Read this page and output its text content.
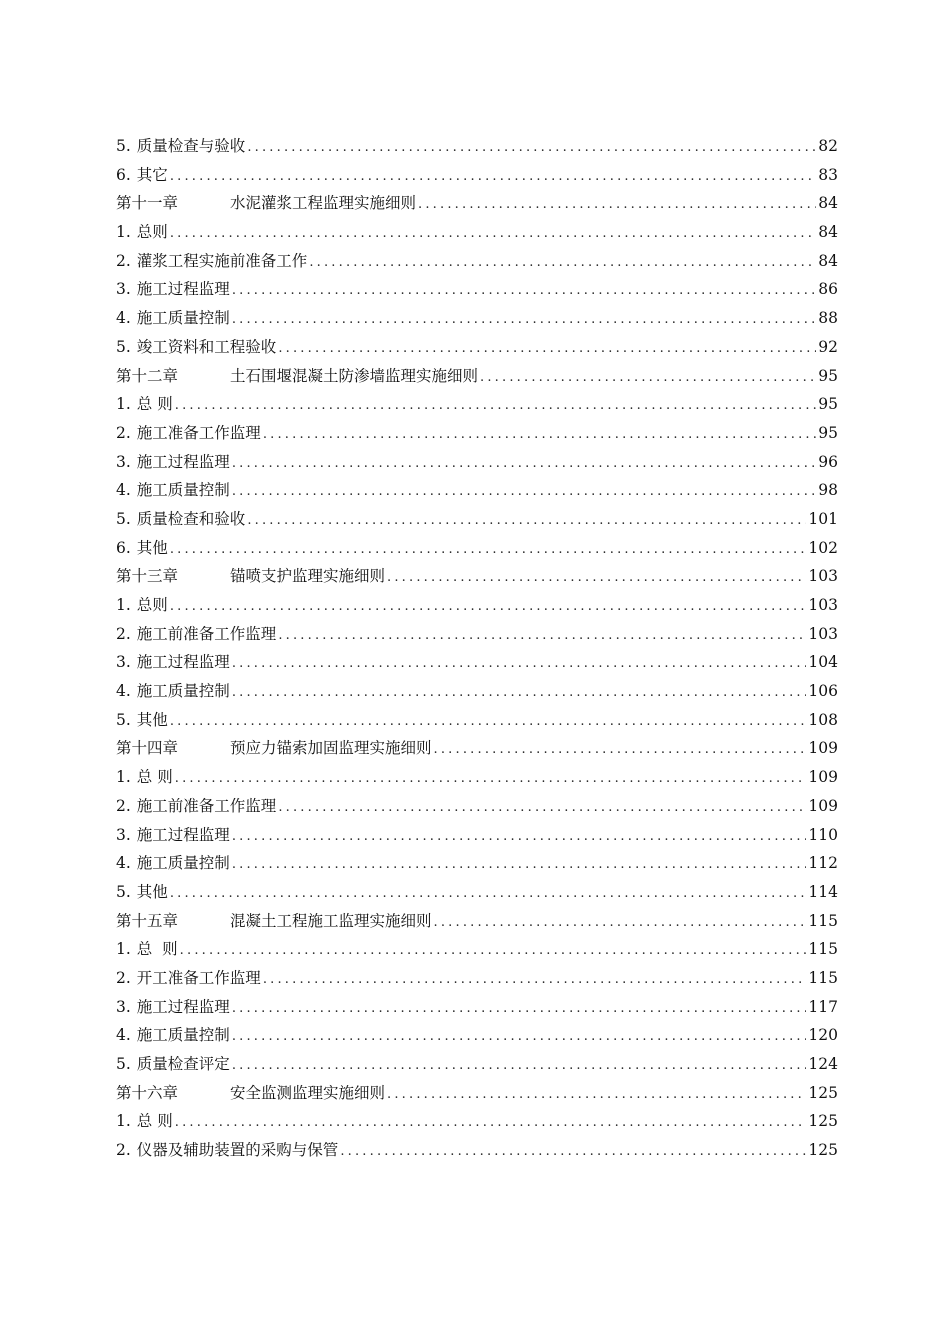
5. 质量检查与验收 .....	82
6. 其它 .....	83
第十一章	水泥灌浆工程监理实施细则 .....	84
1. 总则 .....	84
2. 灌浆工程实施前准备工作 .....	84
3. 施工过程监理 .....	86
4. 施工质量控制 .....	88
5. 竣工资料和工程验收 .....	92
第十二章	土石围堰混凝土防渗墙监理实施细则 .....	95
1. 总 则 .....	95
2. 施工准备工作监理 .....	95
3. 施工过程监理 .....	96
4. 施工质量控制 .....	98
5. 质量检查和验收 .....	101
6. 其他 .....	102
第十三章	锚喷支护监理实施细则 .....	103
1. 总则 .....	103
2. 施工前准备工作监理 .....	103
3. 施工过程监理 .....	104
4. 施工质量控制 .....	106
5. 其他 .....	108
第十四章	预应力锚索加固监理实施细则 .....	109
1. 总 则 .....	109
2. 施工前准备工作监理 .....	109
3. 施工过程监理 .....	110
4. 施工质量控制 .....	112
5. 其他 .....	114
第十五章	混凝土工程施工监理实施细则 .....	115
1. 总  则 .....	115
2. 开工准备工作监理 .....	115
3. 施工过程监理 .....	117
4. 施工质量控制 .....	120
5. 质量检查评定 .....	124
第十六章	安全监测监理实施细则 .....	125
1. 总 则 .....	125
2. 仪器及辅助装置的采购与保管 .....	125
